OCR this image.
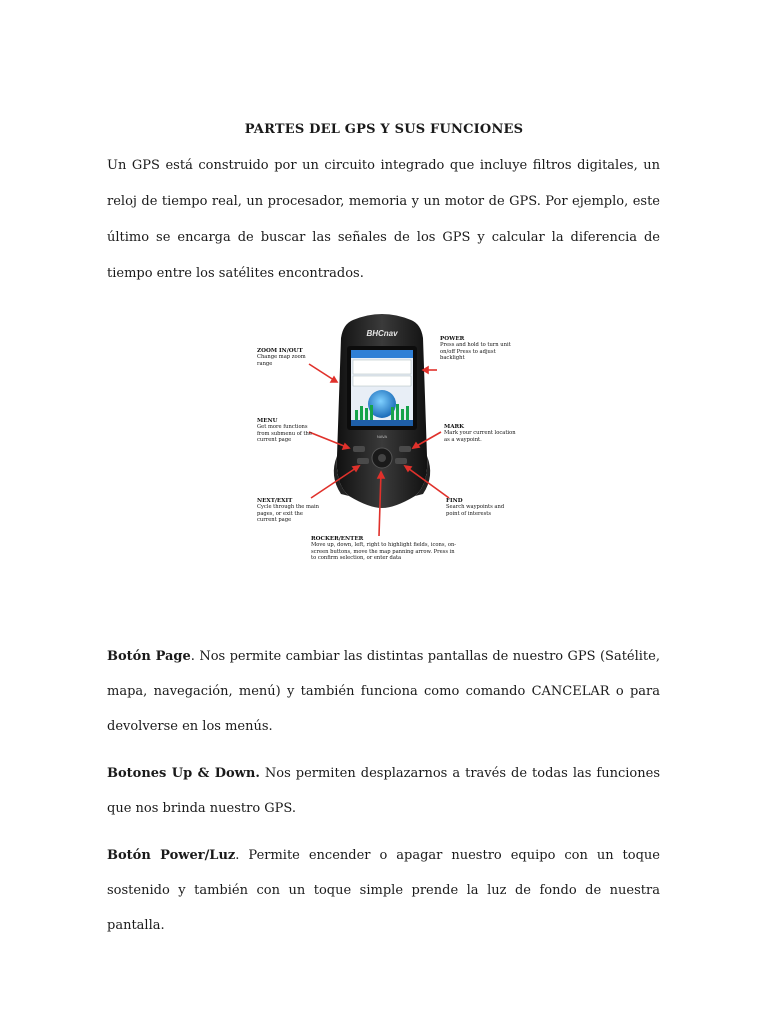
PARTES DEL GPS Y SUS FUNCIONES
Un GPS está construido por un circuito integrado que incluye filtros digitales, un reloj de tiempo real, un procesador, memoria y un motor de GPS. Por ejemplo, este último se encarga de buscar las señales de los GPS y calcular la diferencia de tiempo entre los satélites encontrados.
BHCnav
NAVA
ZOOM IN/OUT
Change map zoom range
POWER
Press and hold to turn unit on/off Press to adjust backlight
MENU
Get more functions from submenu of the current page
MARK
Mark your current location as a waypoint.
NEXT/EXIT
Cycle through the main pages, or exit the current page
FIND
Search waypoints and point of interests
ROCKER/ENTER
Move up, down, left, right to highlight fields, icons, on-screen buttons, move the map panning arrow. Press in to confirm selection, or enter data
Botón Page. Nos permite cambiar las distintas pantallas de nuestro GPS (Satélite, mapa, navegación, menú) y también funciona como comando CANCELAR o para devolverse en los menús.
Botones Up & Down. Nos permiten desplazarnos a través de todas las funciones que nos brinda nuestro GPS.
Botón Power/Luz. Permite encender o apagar nuestro equipo con un toque sostenido y también con un toque simple prende la luz de fondo de nuestra pantalla.
